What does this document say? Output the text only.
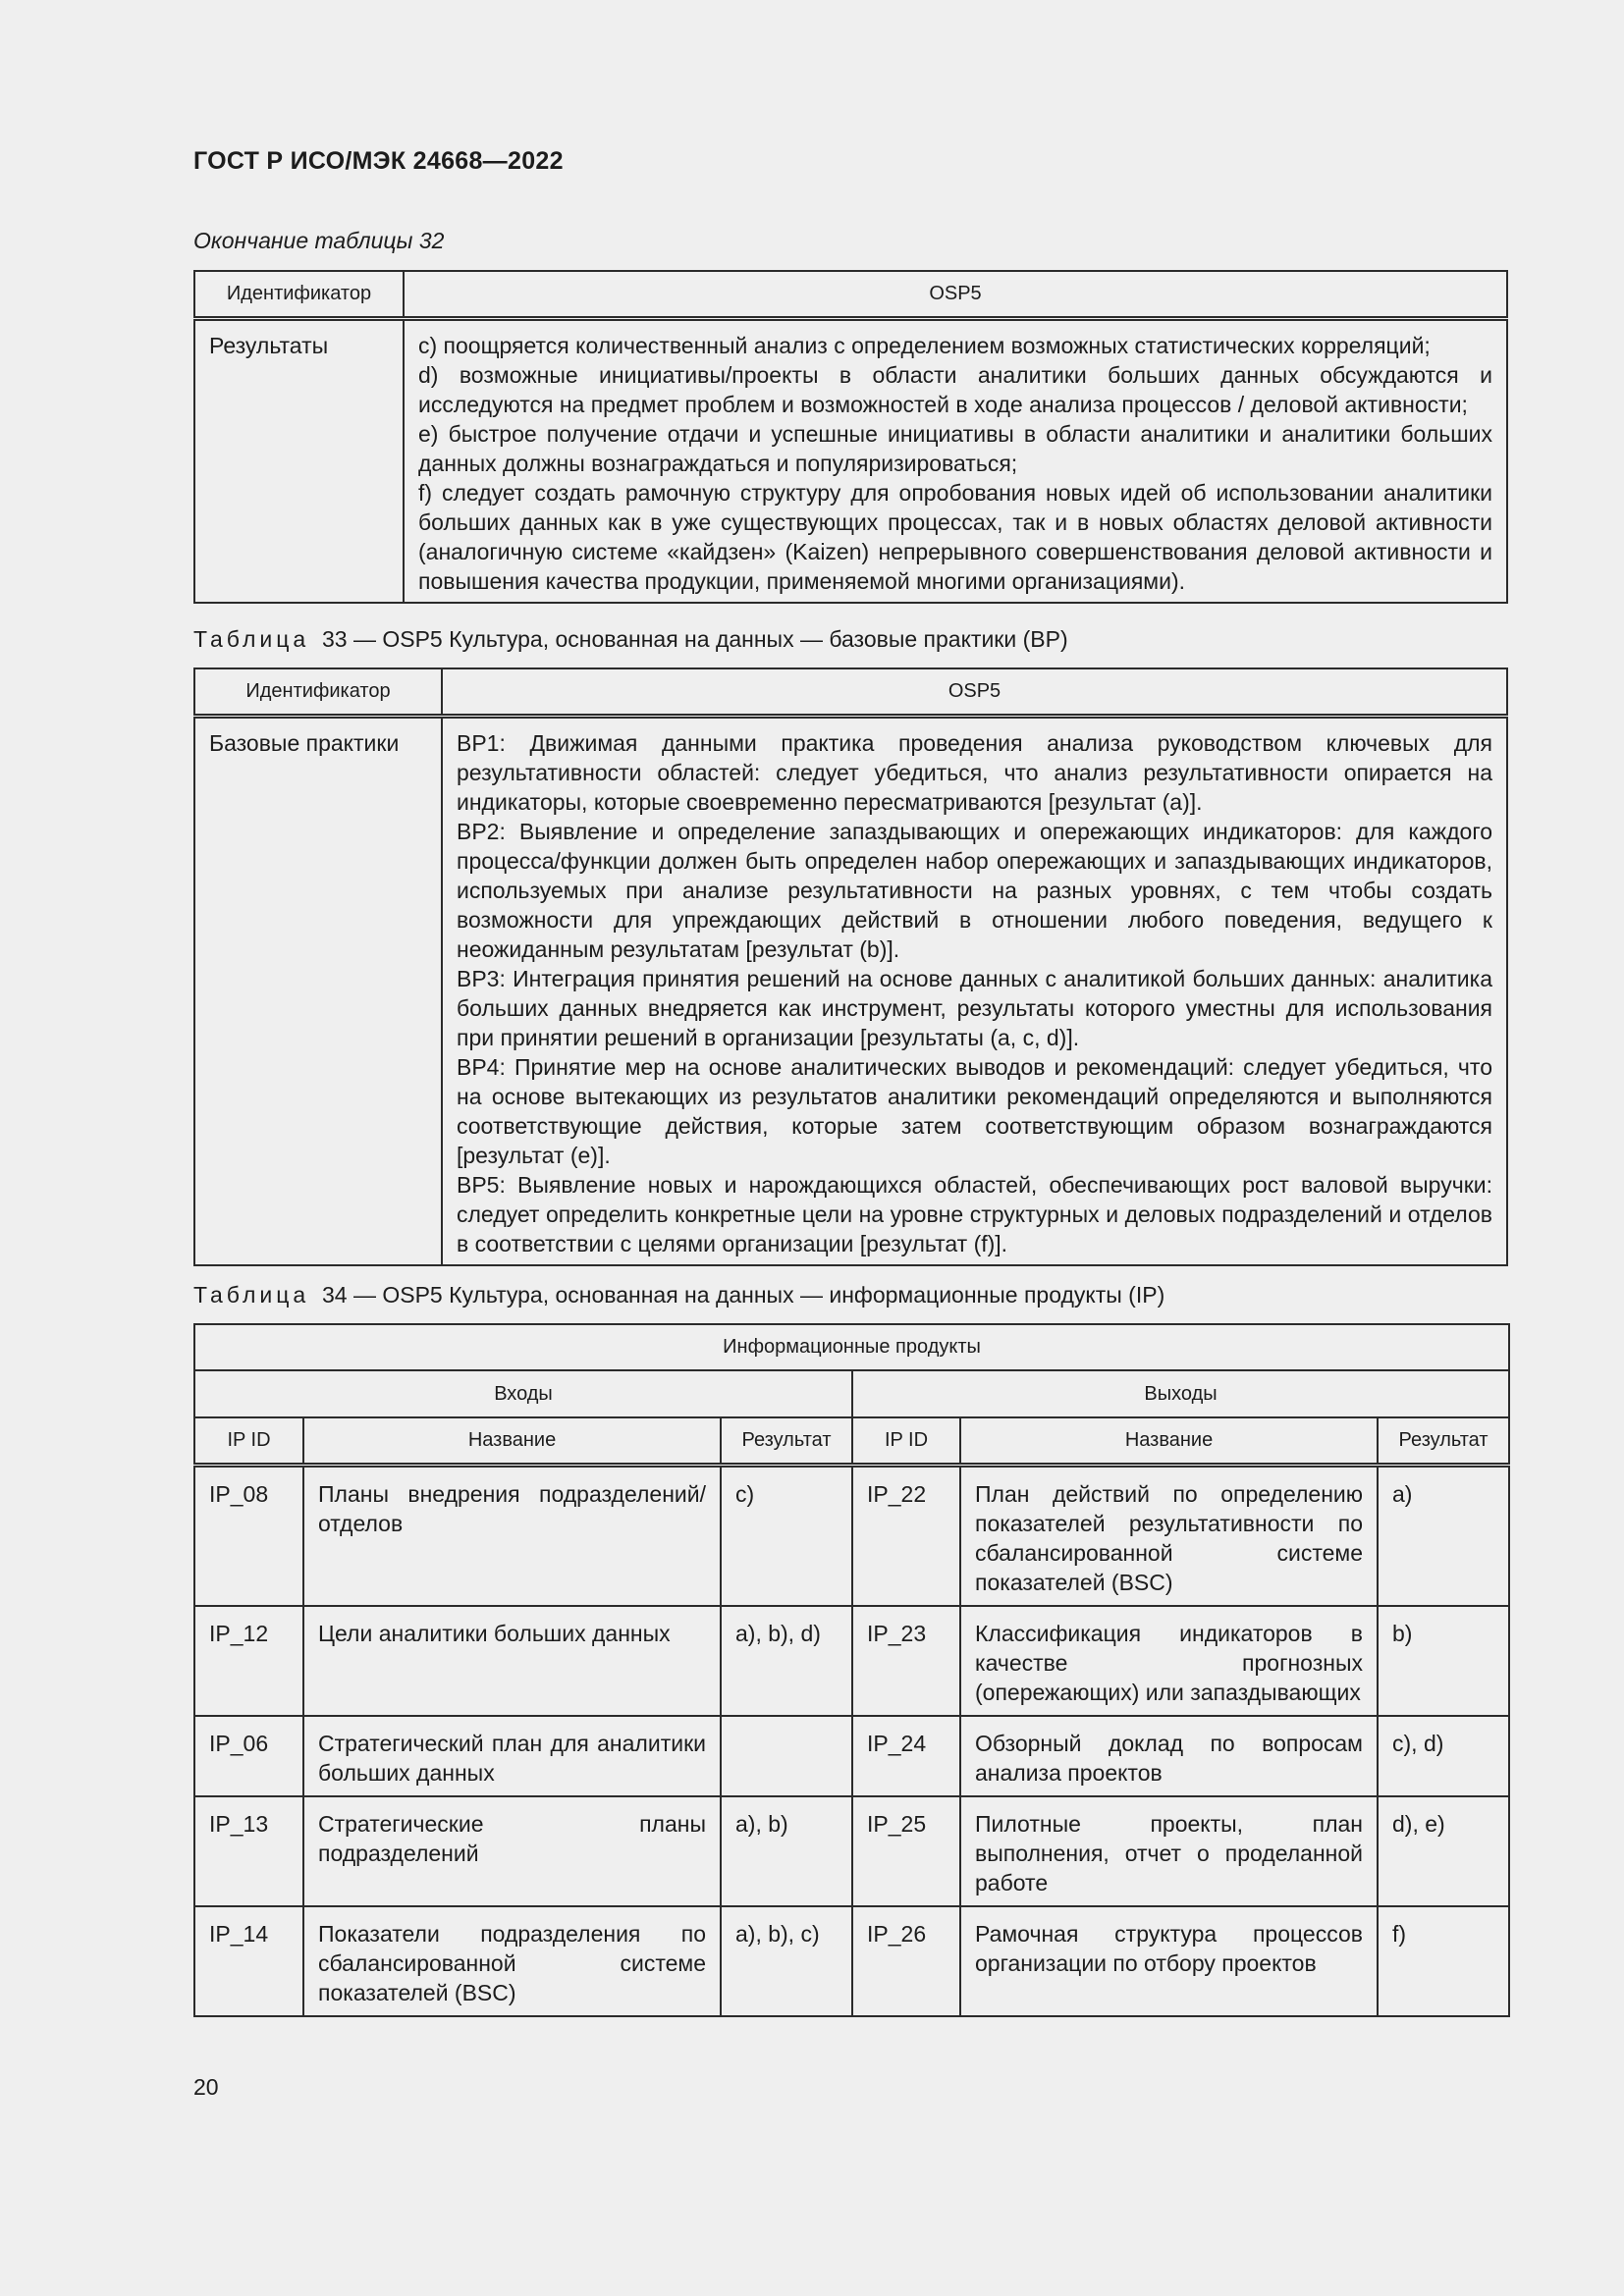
ГОСТ Р ИСО/МЭК 24668—2022
Окончание таблицы 32
Идентификатор	OSP5
Результаты	c) поощряется количественный анализ с определением возможных статистических корреляций;
d) возможные инициативы/проекты в области аналитики больших данных обсуждаются и исследуются на предмет проблем и возможностей в ходе анализа процессов / деловой активности;
e) быстрое получение отдачи и успешные инициативы в области аналитики и аналитики больших данных должны вознаграждаться и популяризироваться;
f) следует создать рамочную структуру для опробования новых идей об использовании аналитики больших данных как в уже существующих процессах, так и в новых областях деловой активности (аналогичную системе «кайдзен» (Kaizen) непрерывного совершенствования деловой активности и повышения качества продукции, применяемой многими организациями).
Таблица 33 — OSP5 Культура, основанная на данных — базовые практики (BP)
Идентификатор	OSP5
Базовые практики	BP1: Движимая данными практика проведения анализа руководством ключевых для результативности областей: следует убедиться, что анализ результативности опирается на индикаторы, которые своевременно пересматриваются [результат (a)].
BP2: Выявление и определение запаздывающих и опережающих индикаторов: для каждого процесса/функции должен быть определен набор опережающих и запаздывающих индикаторов, используемых при анализе результативности на разных уровнях, с тем чтобы создать возможности для упреждающих действий в отношении любого поведения, ведущего к неожиданным результатам [результат (b)].
BP3: Интеграция принятия решений на основе данных с аналитикой больших данных: аналитика больших данных внедряется как инструмент, результаты которого уместны для использования при принятии решений в организации [результаты (a, c, d)].
BP4: Принятие мер на основе аналитических выводов и рекомендаций: следует убедиться, что на основе вытекающих из результатов аналитики рекомендаций определяются и выполняются соответствующие действия, которые затем соответствующим образом вознаграждаются [результат (e)].
BP5: Выявление новых и нарождающихся областей, обеспечивающих рост валовой выручки: следует определить конкретные цели на уровне структурных и деловых подразделений и отделов в соответствии с целями организации [результат (f)].
Таблица 34 — OSP5 Культура, основанная на данных — информационные продукты (IP)
Информационные продукты					
Входы			Выходы		
IP ID	Название	Результат	IP ID	Название	Результат
IP_08	Планы внедрения подразделений/отделов	c)	IP_22	План действий по определению показателей результативности по сбалансированной системе показателей (BSC)	a)
IP_12	Цели аналитики больших данных	a), b), d)	IP_23	Классификация индикаторов в качестве прогнозных (опережающих) или запаздывающих	b)
IP_06	Стратегический план для аналитики больших данных		IP_24	Обзорный доклад по вопросам анализа проектов	c), d)
IP_13	Стратегические планы подразделений	a), b)	IP_25	Пилотные проекты, план выполнения, отчет о проделанной работе	d), e)
IP_14	Показатели подразделения по сбалансированной системе показателей (BSC)	a), b), c)	IP_26	Рамочная структура процессов организации по отбору проектов	f)
20
